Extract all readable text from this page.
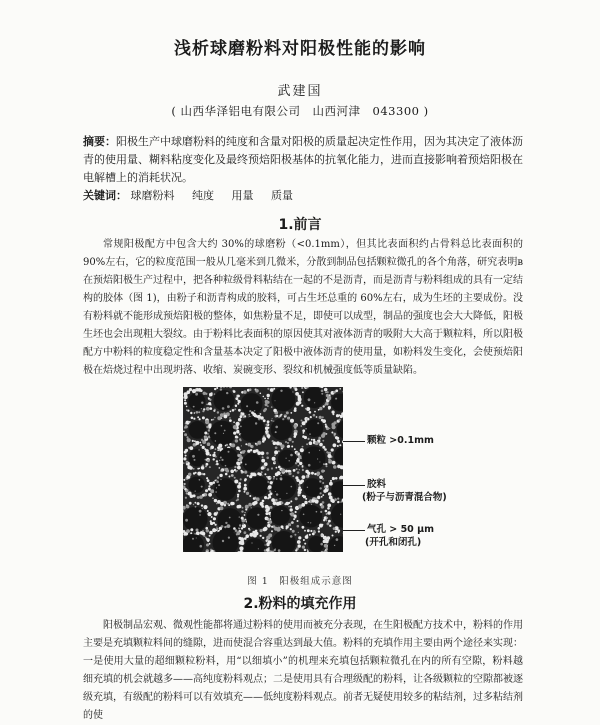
浅析球磨粉料对阳极性能的影响
武建国
( 山西华泽铝电有限公司　山西河津　043300 )
摘要：阳极生产中球磨粉料的纯度和含量对阳极的质量起决定性作用，因为其决定了液体沥青的使用量、糊料粘度变化及最终预焙阳极基体的抗氧化能力，进而直接影响着预焙阳极在电解槽上的消耗状况。
关键词： 球磨粉料 纯度 用量 质量
1.前言

常规阳极配方中包含大约 30%的球磨粉（<0.1mm），但其比表面积约占骨料总比表面积的 90%左右，它的粒度范围一般从几毫米到几微米，分散到制品包括颗粒微孔的各个角落，研究表明в在预焙阳极生产过程中，把各种粒级骨料粘结在一起的不是沥青，而是沥青与粉料组成的具有一定结构的胶体（图 1)，由粉子和沥青构成的胶料，可占生坯总重的 60%左右，成为生坯的主要成份。没有粉料就不能形成预焙阳极的整体，如焦粉量不足，即使可以成型，制品的强度也会大大降低，阳极生坯也会出现粗大裂纹。由于粉料比表面积的原因使其对液体沥青的吸附大大高于颗粒料，所以阳极配方中粉料的粒度稳定性和含量基本决定了阳极中液体沥青的使用量，如粉料发生变化，会使预焙阳极在焙烧过程中出现坍落、收缩、炭碗变形、裂纹和机械强度低等质量缺陷。

颗粒 >0.1mm
胶料
(粉子与沥青混合物)
气孔 > 50 μm
(开孔和闭孔)
图 1　阳极组成示意图
2.粉料的填充作用

阳极制品宏观、微观性能都将通过粉料的使用而被充分表现，在生阳极配方技术中，粉料的作用主要是充填颗粒料间的缝隙，进而使混合容重达到最大值。粉料的充填作用主要由两个途径来实现：一是使用大量的超细颗粒粉料，用“以细填小”的机理来充填包括颗粒微孔在内的所有空隙，粉料越细充填的机会就越多——高纯度粉料观点；二是使用具有合理级配的粉料，让各级颗粒的空隙都被逐级充填，有级配的粉料可以有效填充——低纯度粉料观点。前者无疑使用较多的粘结剂，过多粘结剂的使
